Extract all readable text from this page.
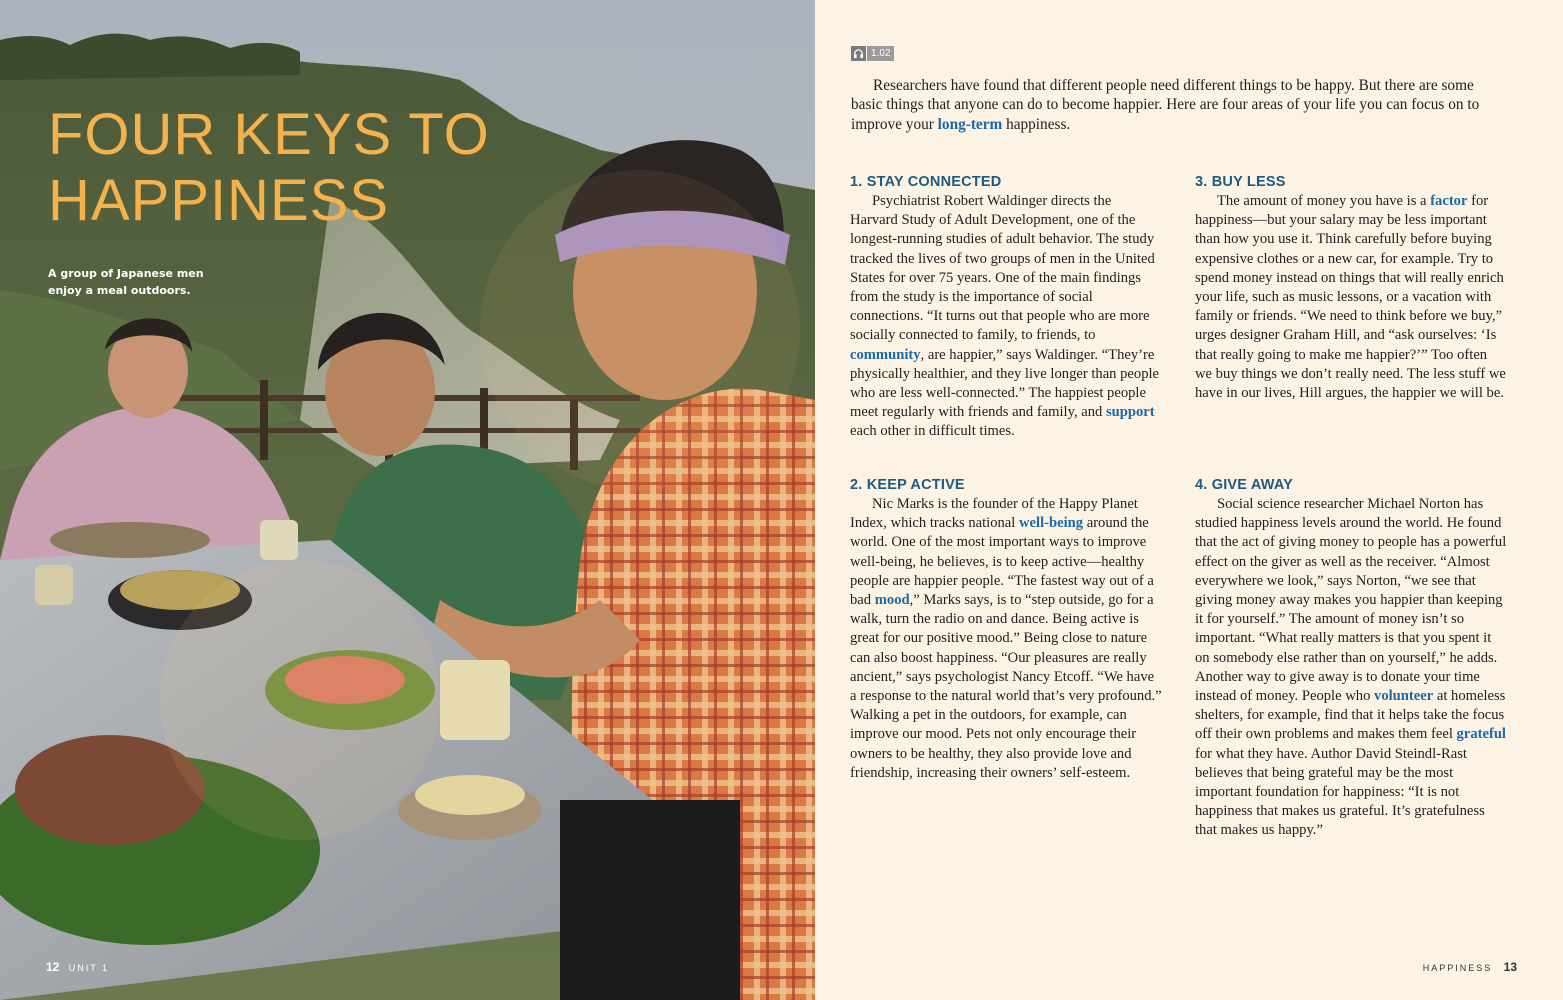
FOUR KEYS TO
HAPPINESS
A group of Japanese men enjoy a meal outdoors.
12 UNIT 1
1.02

Researchers have found that different people need different things to be happy. But there are some basic things that anyone can do to become happier. Here are four areas of your life you can focus on to improve your long-term happiness.

1. STAY CONNECTED

Psychiatrist Robert Waldinger directs the Harvard Study of Adult Development, one of the longest-running studies of adult behavior. The study tracked the lives of two groups of men in the United States for over 75 years. One of the main findings from the study is the importance of social connections. “It turns out that people who are more socially connected to family, to friends, to community, are happier,” says Waldinger. “They’re physically healthier, and they live longer than people who are less well-connected.” The happiest people meet regularly with friends and family, and support each other in difficult times.

2. KEEP ACTIVE

Nic Marks is the founder of the Happy Planet Index, which tracks national well-being around the world. One of the most important ways to improve well-being, he believes, is to keep active—healthy people are happier people. “The fastest way out of a bad mood,” Marks says, is to “step outside, go for a walk, turn the radio on and dance. Being active is great for our positive mood.” Being close to nature can also boost happiness. “Our pleasures are really ancient,” says psychologist Nancy Etcoff. “We have a response to the natural world that’s very profound.” Walking a pet in the outdoors, for example, can improve our mood. Pets not only encourage their owners to be healthy, they also provide love and friendship, increasing their owners’ self-esteem.

3. BUY LESS

The amount of money you have is a factor for happiness—but your salary may be less important than how you use it. Think carefully before buying expensive clothes or a new car, for example. Try to spend money instead on things that will really enrich your life, such as music lessons, or a vacation with family or friends. “We need to think before we buy,” urges designer Graham Hill, and “ask ourselves: ‘Is that really going to make me happier?’” Too often we buy things we don’t really need. The less stuff we have in our lives, Hill argues, the happier we will be.

4. GIVE AWAY

Social science researcher Michael Norton has studied happiness levels around the world. He found that the act of giving money to people has a powerful effect on the giver as well as the receiver. “Almost everywhere we look,” says Norton, “we see that giving money away makes you happier than keeping it for yourself.” The amount of money isn’t so important. “What really matters is that you spent it on somebody else rather than on yourself,” he adds. Another way to give away is to donate your time instead of money. People who volunteer at homeless shelters, for example, find that it helps take the focus off their own problems and makes them feel grateful for what they have. Author David Steindl-Rast believes that being grateful may be the most important foundation for happiness: “It is not happiness that makes us grateful. It’s gratefulness that makes us happy.”

HAPPINESS 13
